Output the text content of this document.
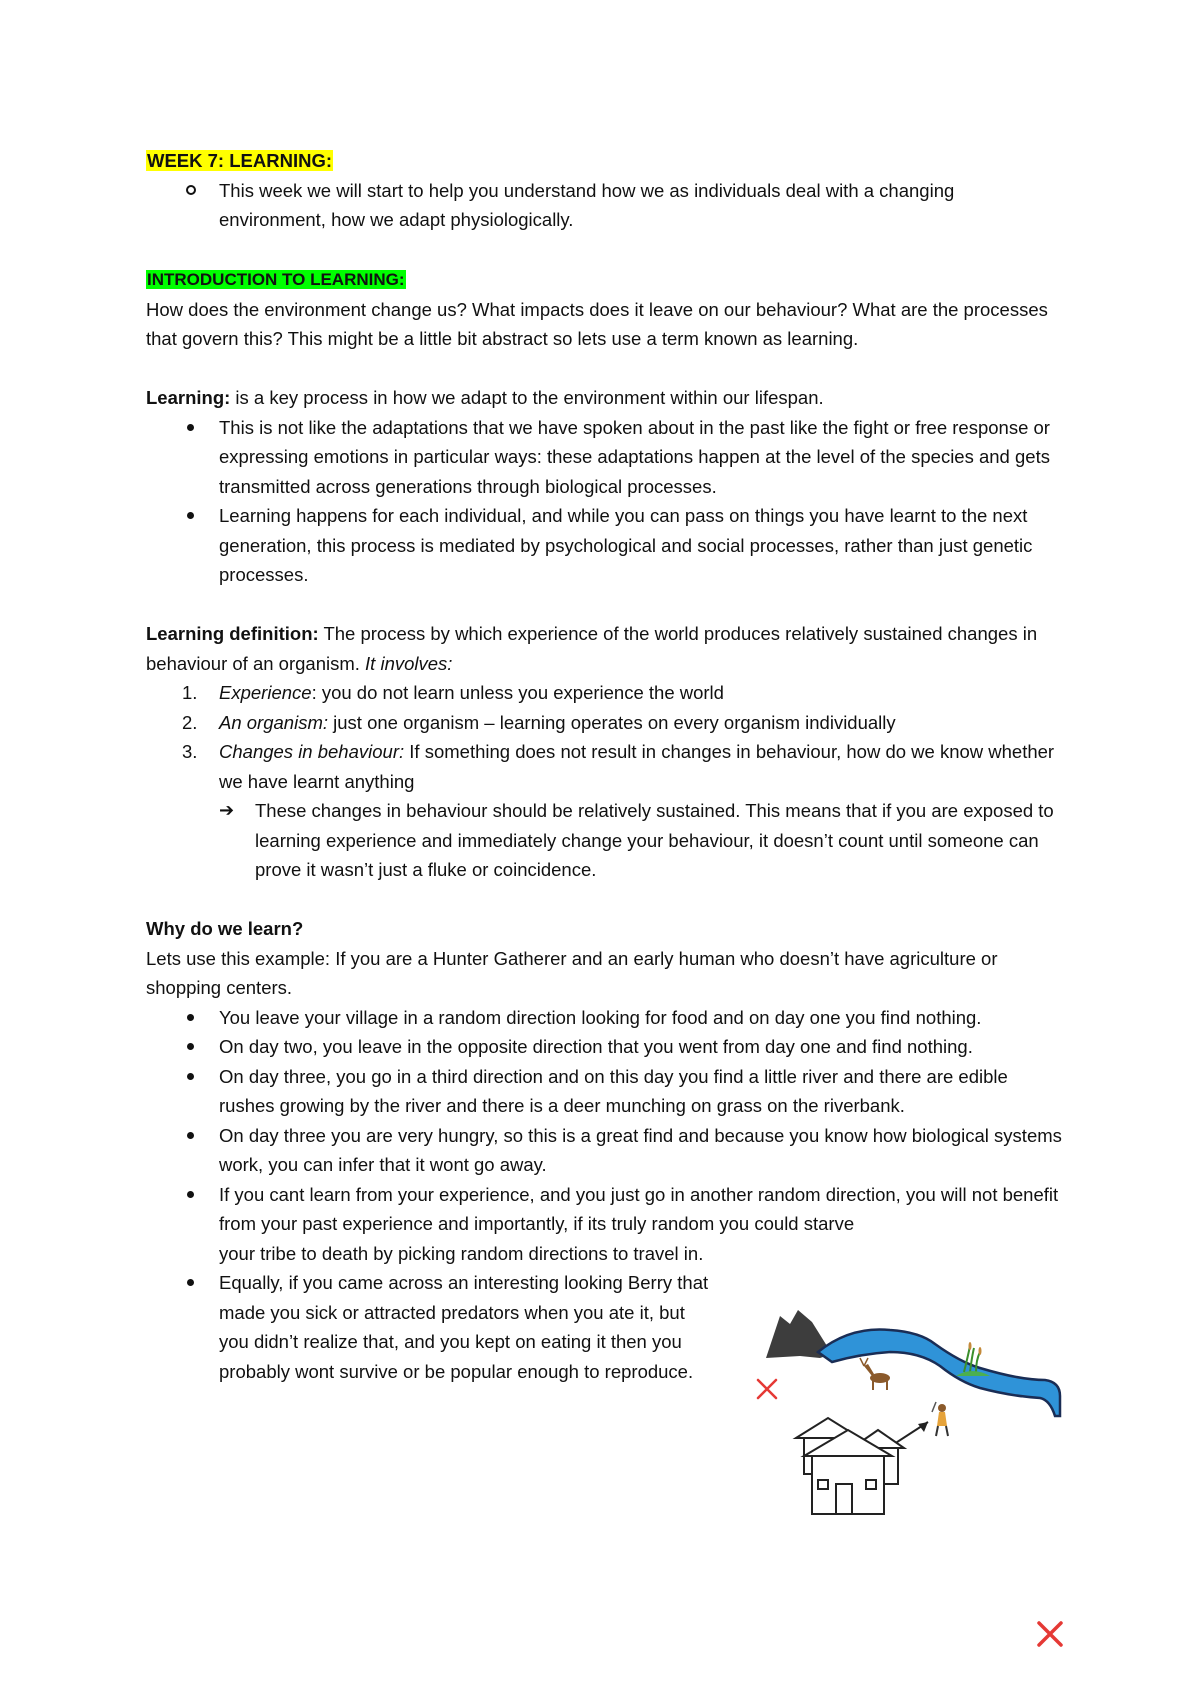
WEEK 7: LEARNING:

This week we will start to help you understand how we as individuals deal with a changing environment, how we adapt physiologically.

INTRODUCTION TO LEARNING:

How does the environment change us? What impacts does it leave on our behaviour? What are the processes that govern this? This might be a little bit abstract so lets use a term known as learning.

Learning: is a key process in how we adapt to the environment within our lifespan.

This is not like the adaptations that we have spoken about in the past like the fight or free response or expressing emotions in particular ways: these adaptations happen at the level of the species and gets transmitted across generations through biological processes.
Learning happens for each individual, and while you can pass on things you have learnt to the next generation, this process is mediated by psychological and social processes, rather than just genetic processes.

Learning definition: The process by which experience of the world produces relatively sustained changes in behaviour of an organism. It involves:

1. Experience: you do not learn unless you experience the world
2. An organism: just one organism – learning operates on every organism individually
3. Changes in behaviour: If something does not result in changes in behaviour, how do we know whether we have learnt anything
➔ These changes in behaviour should be relatively sustained. This means that if you are exposed to learning experience and immediately change your behaviour, it doesn’t count until someone can prove it wasn’t just a fluke or coincidence.

Why do we learn?

Lets use this example: If you are a Hunter Gatherer and an early human who doesn’t have agriculture or shopping centers.

You leave your village in a random direction looking for food and on day one you find nothing.
On day two, you leave in the opposite direction that you went from day one and find nothing.
On day three, you go in a third direction and on this day you find a little river and there are edible rushes growing by the river and there is a deer munching on grass on the riverbank.
On day three you are very hungry, so this is a great find and because you know how biological systems work, you can infer that it wont go away.
If you cant learn from your experience, and you just go in another random direction, you will not benefit from your past experience and importantly, if its truly random you could starve
your tribe to death by picking random directions to travel in.
Equally, if you came across an interesting looking Berry that made you sick or attracted predators when you ate it, but you didn’t realize that, and you kept on eating it then you probably wont survive or be popular enough to reproduce.
